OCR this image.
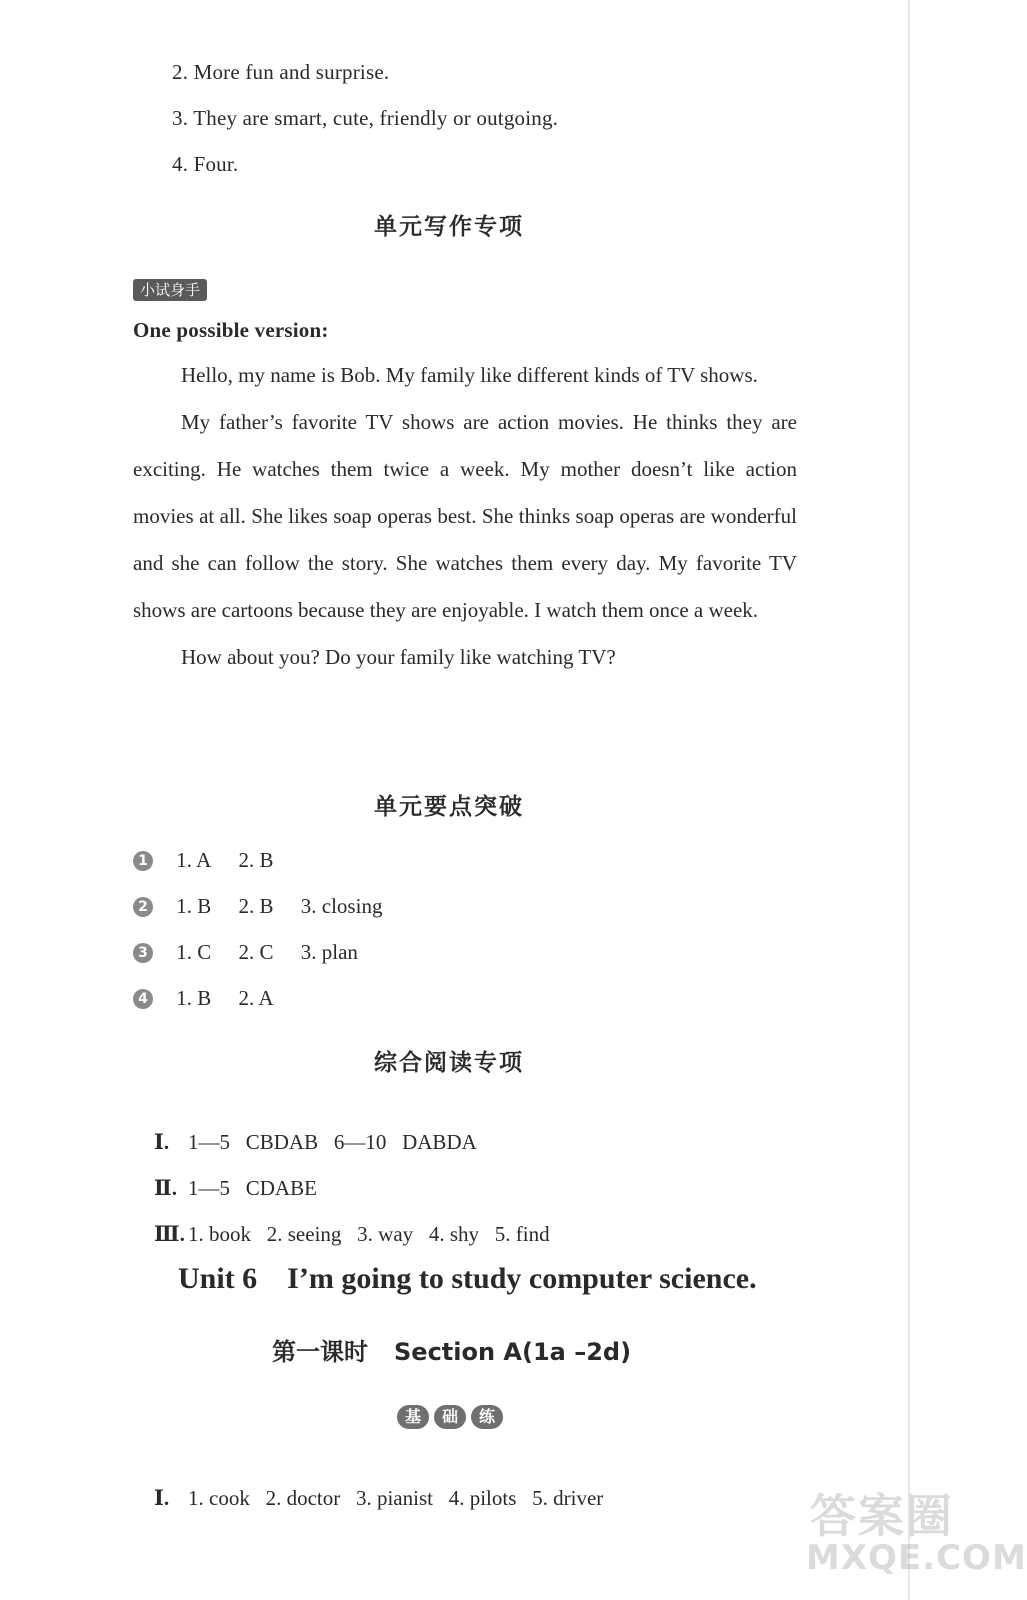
2. More fun and surprise.
3. They are smart, cute, friendly or outgoing.
4. Four.
单元写作专项
小试身手
One possible version:

Hello, my name is Bob. My family like different kinds of TV shows.

My father’s favorite TV shows are action movies. He thinks they are exciting. He watches them twice a week. My mother doesn’t like action movies at all. She likes soap operas best. She thinks soap operas are wonderful and she can follow the story. She watches them every day. My favorite TV shows are cartoons because they are enjoyable. I watch them once a week.

How about you? Do your family like watching TV?

单元要点突破
1 1. A 2. B
2 1. B 2. B 3. closing
3 1. C 2. C 3. plan
4 1. B 2. A
综合阅读专项

Ⅰ. 1—5   CBDAB   6—10   DABDA

Ⅱ. 1—5   CDABE

Ⅲ. 1. book   2. seeing   3. way   4. shy   5. find

Unit 6    I’m going to study computer science.
第一课时 Section A(1a –2d)
基	础	练

Ⅰ. 1. cook   2. doctor   3. pianist   4. pilots   5. driver
	答案圈
MXQE.COM
